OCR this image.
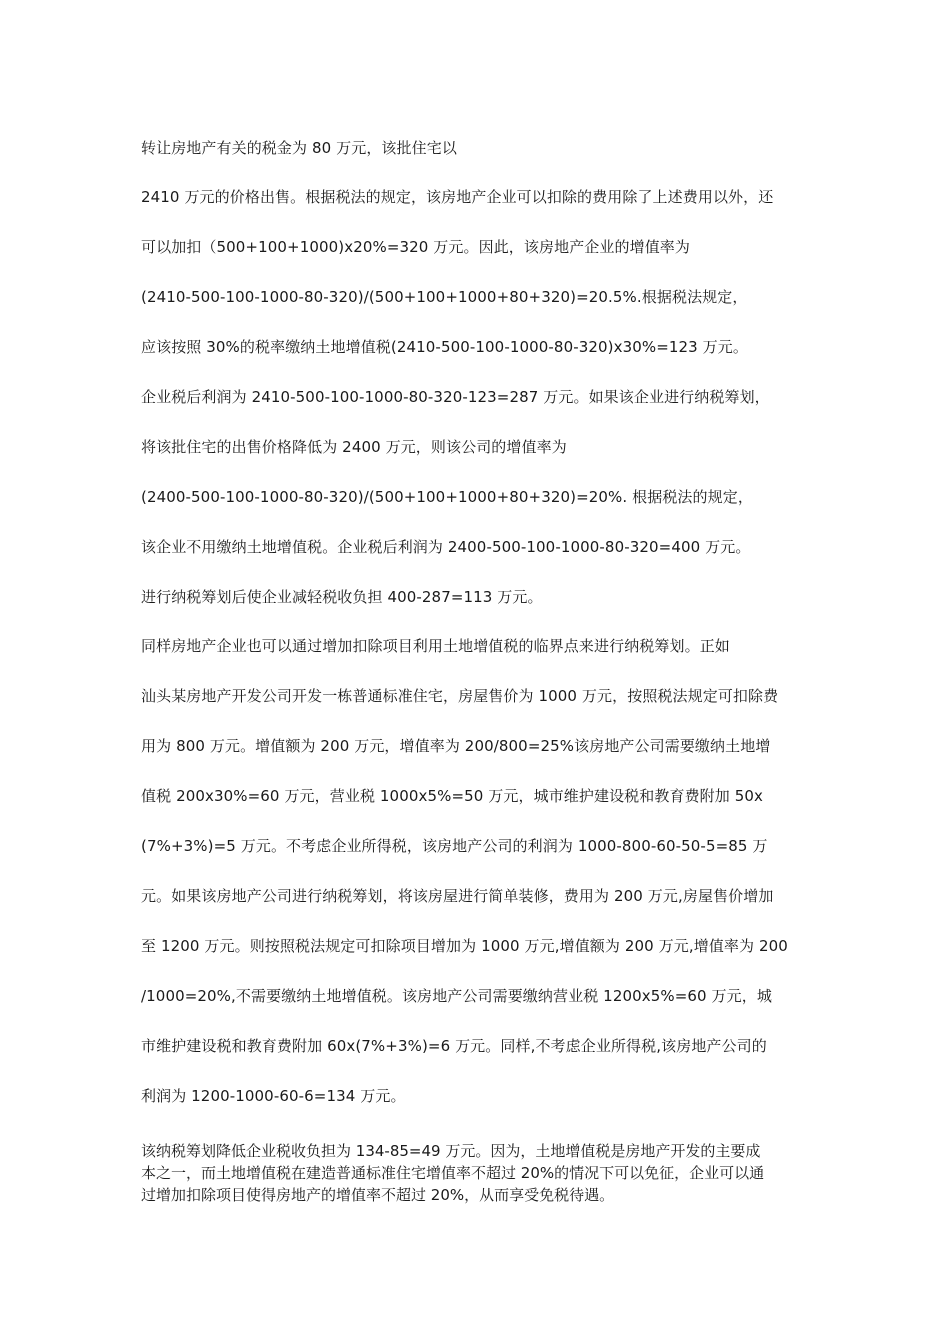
转让房地产有关的税金为 80 万元，该批住宅以
2410 万元的价格出售。根据税法的规定，该房地产企业可以扣除的费用除了上述费用以外，还
可以加扣（500+100+1000)x20%=320 万元。因此，该房地产企业的增值率为
(2410-500-100-1000-80-320)/(500+100+1000+80+320)=20.5%.根据税法规定，
应该按照 30%的税率缴纳土地增值税(2410-500-100-1000-80-320)x30%=123 万元。
企业税后利润为 2410-500-100-1000-80-320-123=287 万元。如果该企业进行纳税筹划，
将该批住宅的出售价格降低为 2400 万元，则该公司的增值率为
(2400-500-100-1000-80-320)/(500+100+1000+80+320)=20%. 根据税法的规定，
该企业不用缴纳土地增值税。企业税后利润为 2400-500-100-1000-80-320=400 万元。
进行纳税筹划后使企业减轻税收负担 400-287=113 万元。
同样房地产企业也可以通过增加扣除项目利用土地增值税的临界点来进行纳税筹划。正如
汕头某房地产开发公司开发一栋普通标准住宅，房屋售价为 1000 万元，按照税法规定可扣除费
用为 800 万元。增值额为 200 万元，增值率为 200/800=25%该房地产公司需要缴纳土地增
值税 200x30%=60 万元，营业税 1000x5%=50 万元，城市维护建设税和教育费附加 50x
(7%+3%)=5 万元。不考虑企业所得税，该房地产公司的利润为 1000-800-60-50-5=85 万
元。如果该房地产公司进行纳税筹划，将该房屋进行简单装修，费用为 200 万元,房屋售价增加
至 1200 万元。则按照税法规定可扣除项目增加为 1000 万元,增值额为 200 万元,增值率为 200
/1000=20%,不需要缴纳土地增值税。该房地产公司需要缴纳营业税 1200x5%=60 万元，城
市维护建设税和教育费附加 60x(7%+3%)=6 万元。同样,不考虑企业所得税,该房地产公司的
利润为 1200-1000-60-6=134 万元。

该纳税筹划降低企业税收负担为 134-85=49 万元。因为，土地增值税是房地产开发的主要成

本之一，而土地增值税在建造普通标准住宅增值率不超过 20%的情况下可以免征，企业可以通

过增加扣除项目使得房地产的增值率不超过 20%，从而享受免税待遇。
